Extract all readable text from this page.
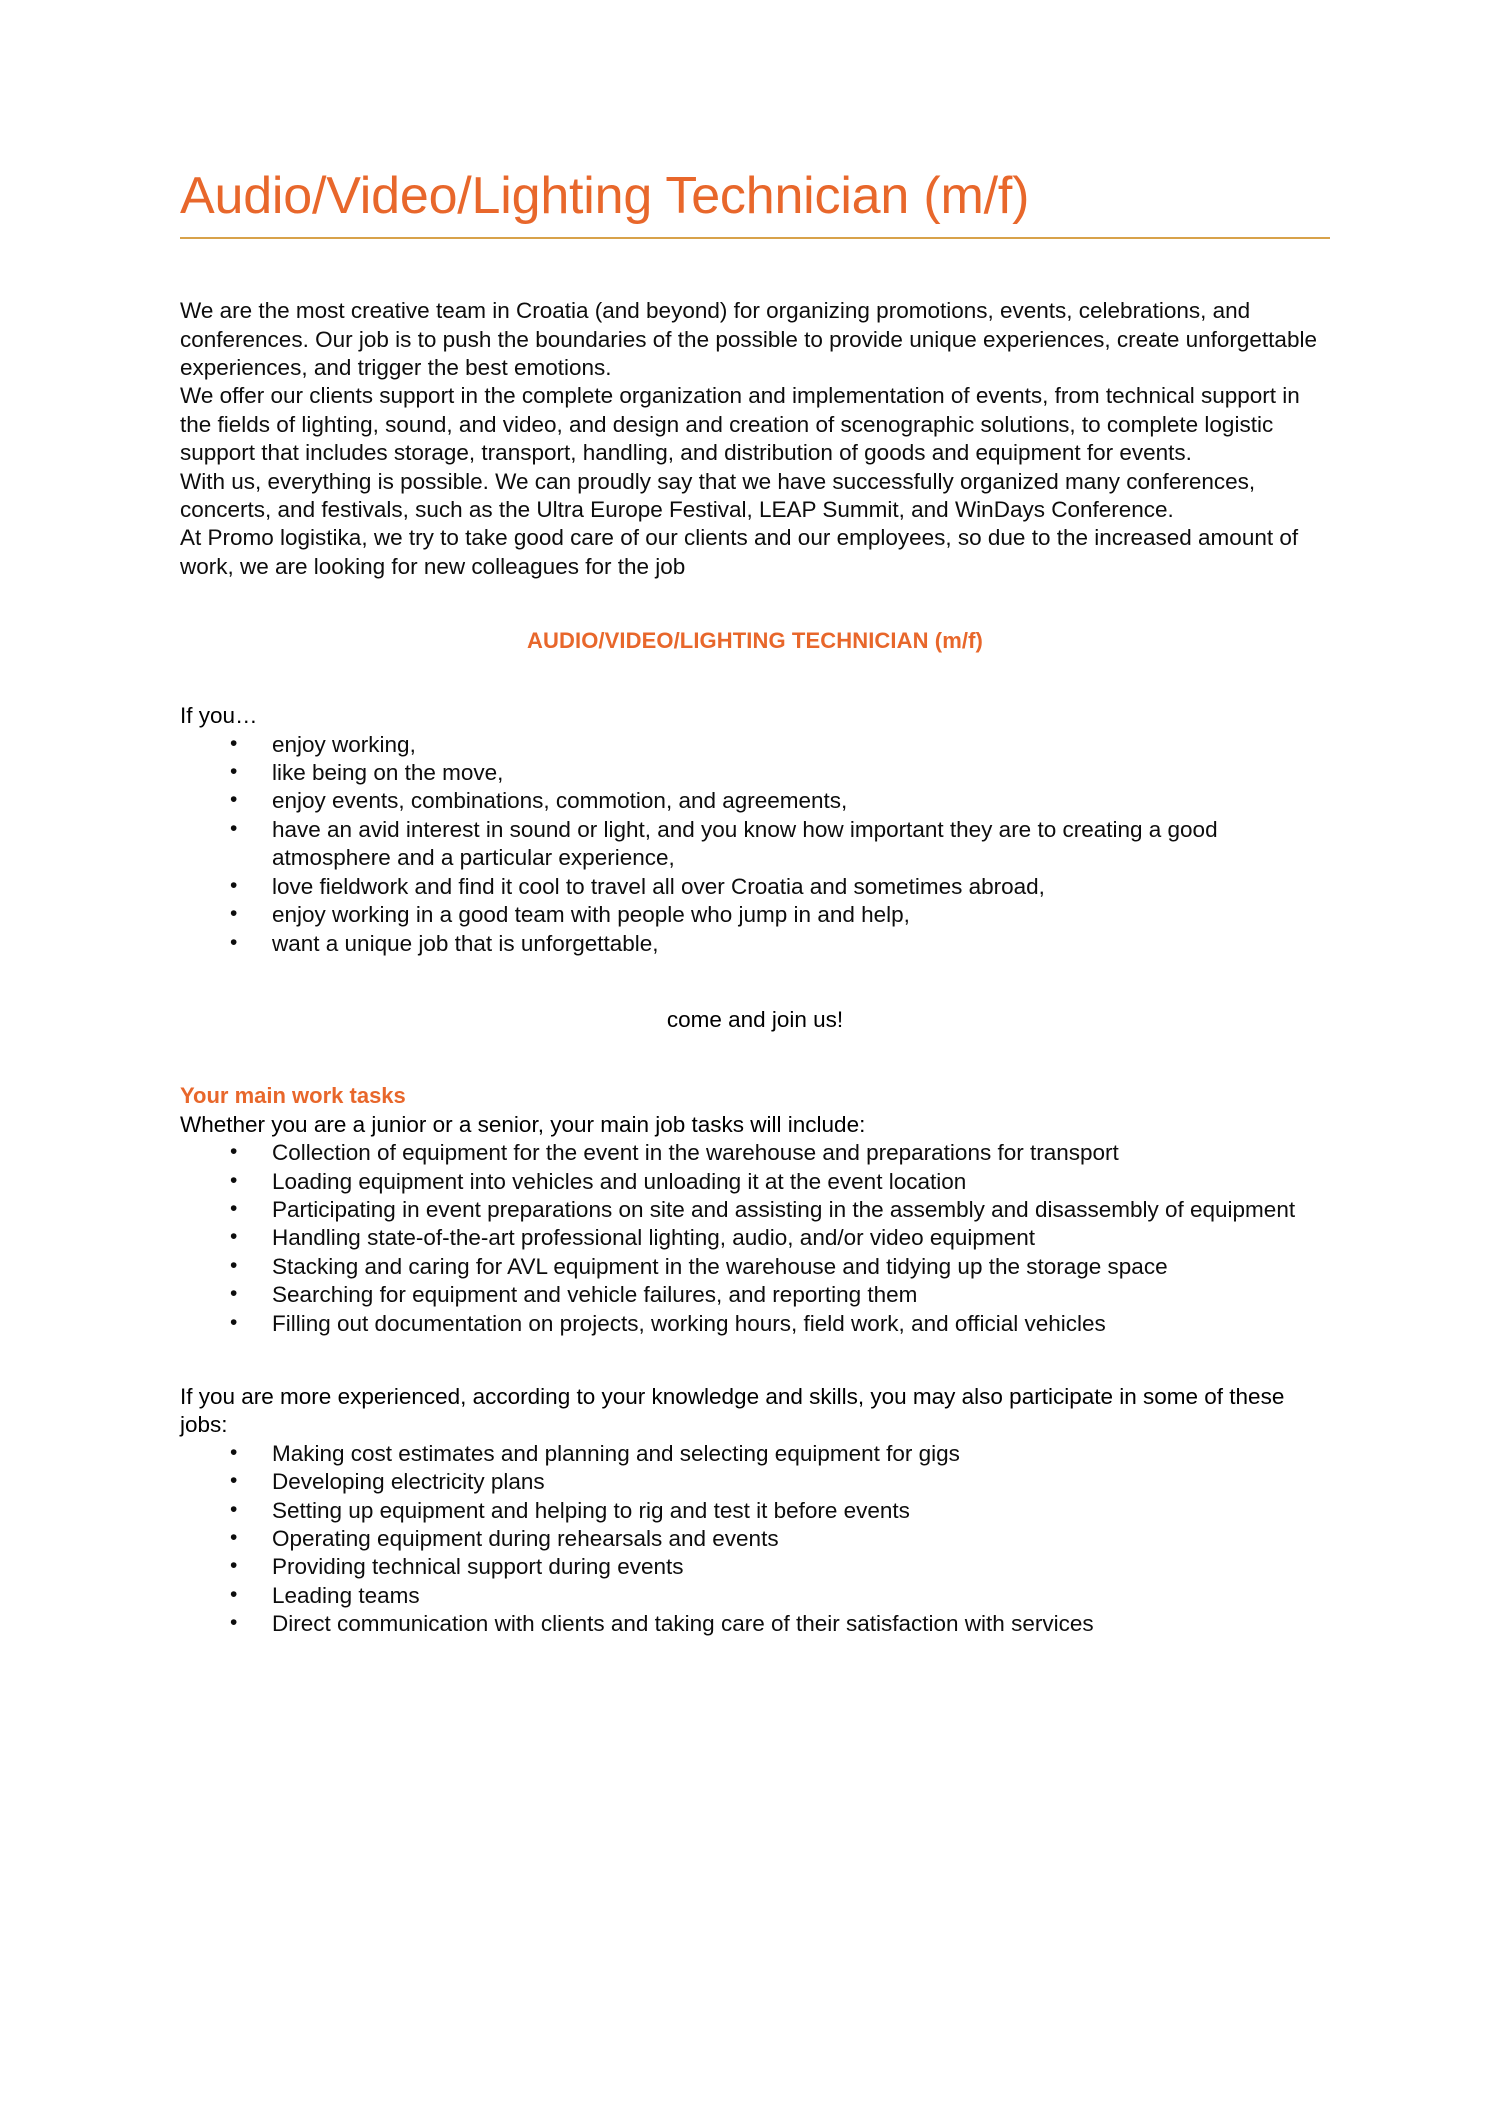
Audio/Video/Lighting Technician (m/f)

We are the most creative team in Croatia (and beyond) for organizing promotions, events, celebrations, and conferences. Our job is to push the boundaries of the possible to provide unique experiences, create unforgettable experiences, and trigger the best emotions.

We offer our clients support in the complete organization and implementation of events, from technical support in the fields of lighting, sound, and video, and design and creation of scenographic solutions, to complete logistic support that includes storage, transport, handling, and distribution of goods and equipment for events.

With us, everything is possible. We can proudly say that we have successfully organized many conferences, concerts, and festivals, such as the Ultra Europe Festival, LEAP Summit, and WinDays Conference.

At Promo logistika, we try to take good care of our clients and our employees, so due to the increased amount of work, we are looking for new colleagues for the job

AUDIO/VIDEO/LIGHTING TECHNICIAN (m/f)

If you…

• enjoy working,
• like being on the move,
• enjoy events, combinations, commotion, and agreements,
• have an avid interest in sound or light, and you know how important they are to creating a good atmosphere and a particular experience,
• love fieldwork and find it cool to travel all over Croatia and sometimes abroad,
• enjoy working in a good team with people who jump in and help,
• want a unique job that is unforgettable,

come and join us!

Your main work tasks

Whether you are a junior or a senior, your main job tasks will include:

• Collection of equipment for the event in the warehouse and preparations for transport
• Loading equipment into vehicles and unloading it at the event location
• Participating in event preparations on site and assisting in the assembly and disassembly of equipment
• Handling state-of-the-art professional lighting, audio, and/or video equipment
• Stacking and caring for AVL equipment in the warehouse and tidying up the storage space
• Searching for equipment and vehicle failures, and reporting them
• Filling out documentation on projects, working hours, field work, and official vehicles

If you are more experienced, according to your knowledge and skills, you may also participate in some of these jobs:

• Making cost estimates and planning and selecting equipment for gigs
• Developing electricity plans
• Setting up equipment and helping to rig and test it before events
• Operating equipment during rehearsals and events
• Providing technical support during events
• Leading teams
• Direct communication with clients and taking care of their satisfaction with services
